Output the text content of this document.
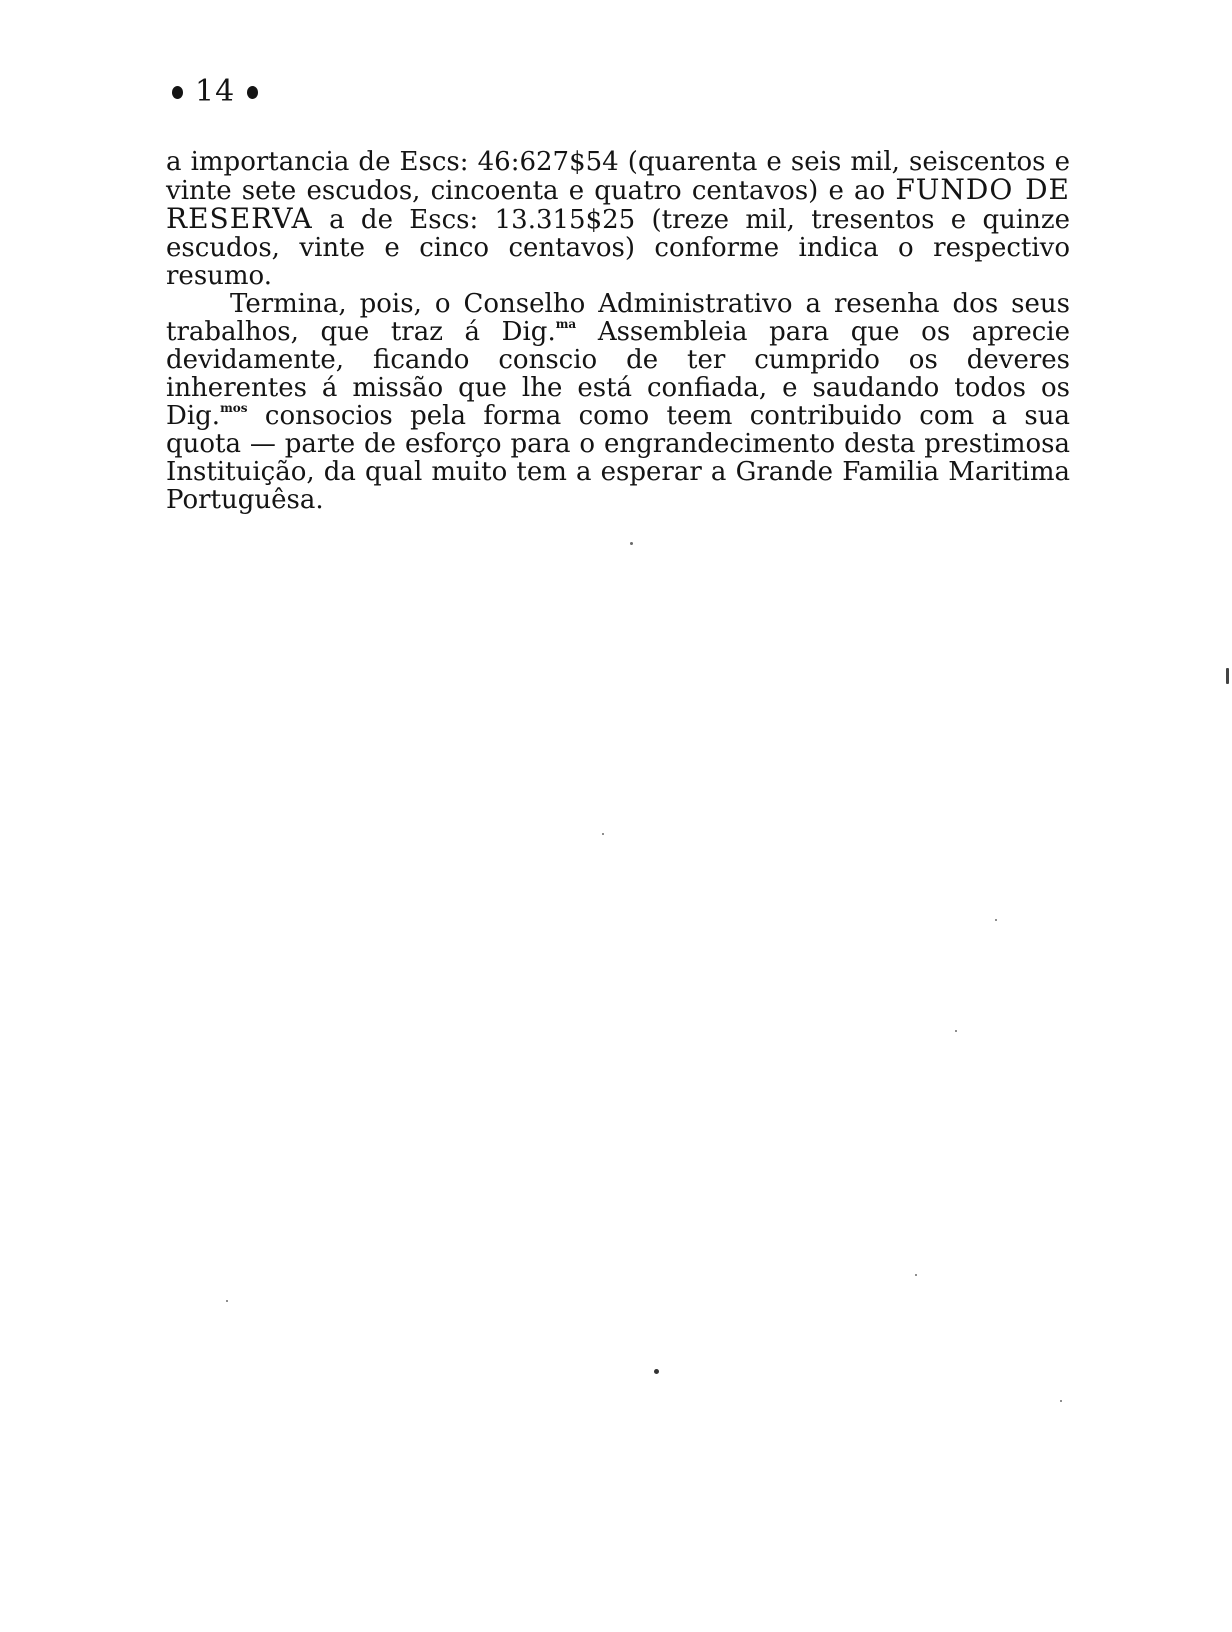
14

a importancia de Escs: 46:627$54 (quarenta e seis mil, seiscentos e vinte sete escudos, cincoenta e quatro centavos) e ao FUNDO DE RESERVA a de Escs: 13.315$25 (treze mil, tresentos e quinze escudos, vinte e cinco centavos) conforme indica o respectivo resumo.

Termina, pois, o Conselho Administrativo a resenha dos seus trabalhos, que traz á Dig.$^{ma}$ Assembleia para que os aprecie devidamente, ficando conscio de ter cumprido os deveres inherentes á missão que lhe está confiada, e saudando todos os Dig.$^{mos}$ consocios pela forma como teem contribuido com a sua quota — parte de esforço para o engrandecimento desta prestimosa Instituição, da qual muito tem a esperar a Grande Familia Maritima Portuguêsa.
